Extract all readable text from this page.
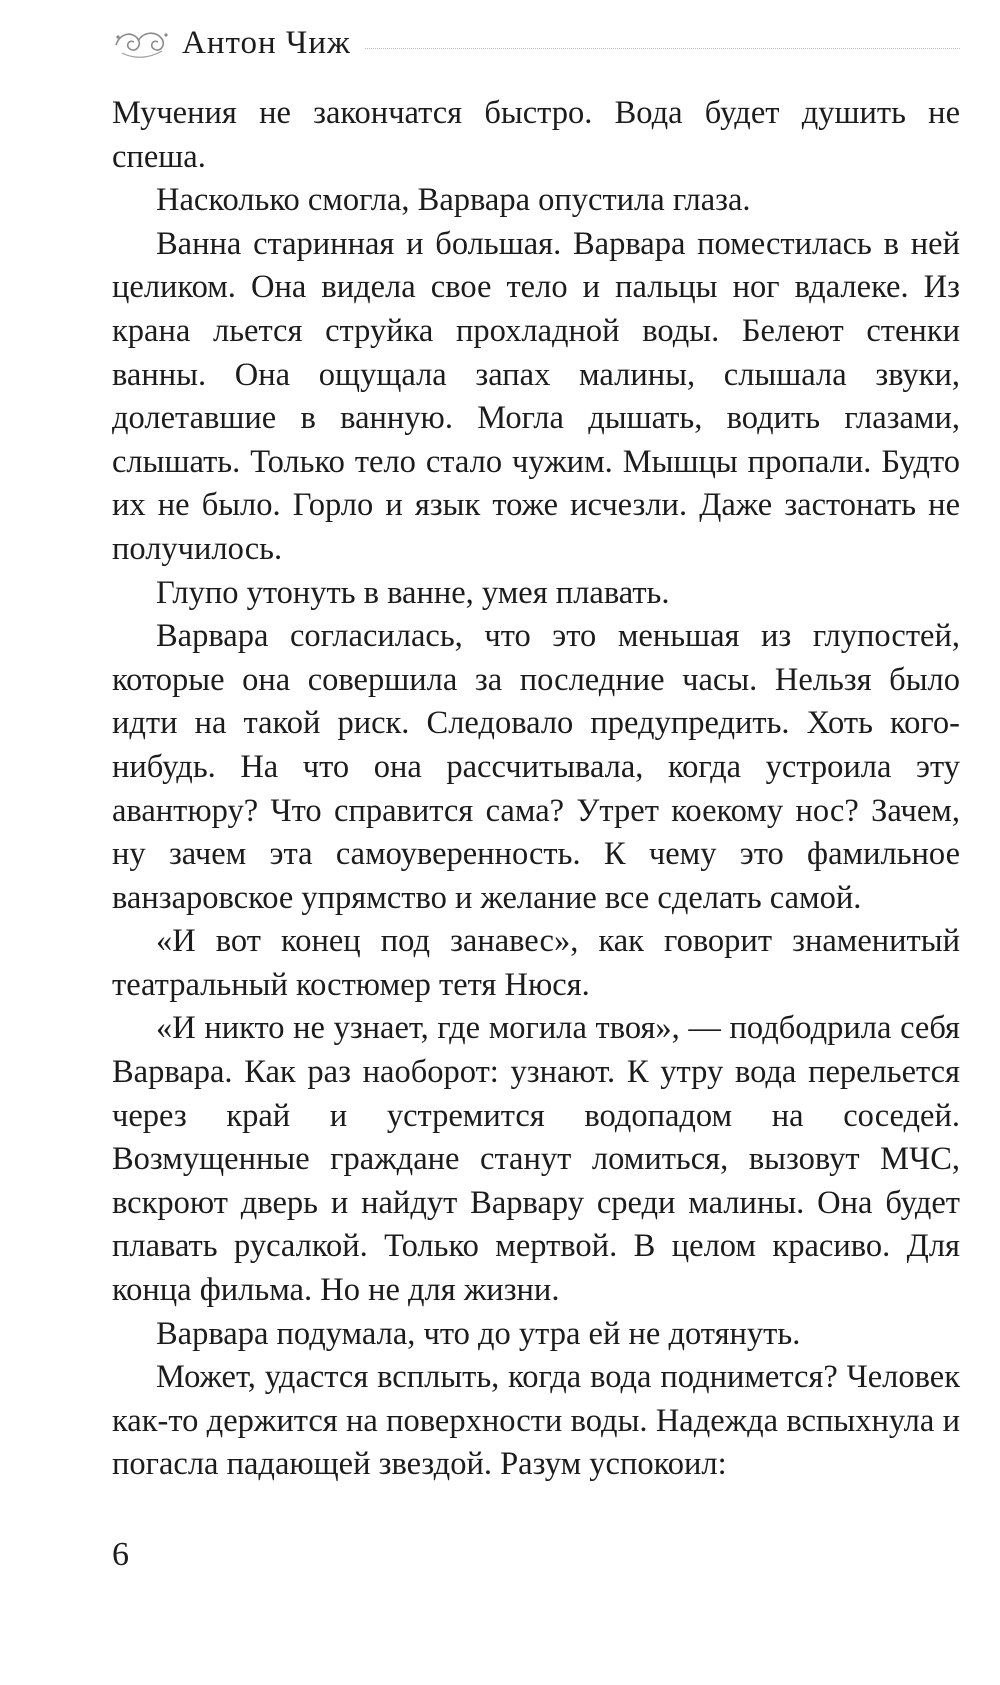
Антон Чиж

Мучения не закончатся быстро. Вода будет душить не спеша.

Насколько смогла, Варвара опустила глаза.

Ванна старинная и большая. Варвара поместилась в ней целиком. Она видела свое тело и пальцы ног вдалеке. Из крана льется струйка прохладной воды. Белеют стенки ванны. Она ощущала запах малины, слышала звуки, долетавшие в ванную. Могла дышать, водить глазами, слышать. Только тело стало чужим. Мышцы пропали. Будто их не было. Горло и язык тоже исчезли. Даже застонать не получилось.

Глупо утонуть в ванне, умея плавать.

Варвара согласилась, что это меньшая из глупостей, которые она совершила за последние часы. Нельзя было идти на такой риск. Следовало предупредить. Хоть кого-нибудь. На что она рассчитывала, когда устроила эту авантюру? Что справится сама? Утрет коекому нос? Зачем, ну зачем эта самоуверенность. К чему это фамильное ванзаровское упрямство и желание все сделать самой.

«И вот конец под занавес», как говорит знаменитый театральный костюмер тетя Нюся.

«И никто не узнает, где могила твоя», — подбодрила себя Варвара. Как раз наоборот: узнают. К утру вода перельется через край и устремится водопадом на соседей. Возмущенные граждане станут ломиться, вызовут МЧС, вскроют дверь и найдут Варвару среди малины. Она будет плавать русалкой. Только мертвой. В целом красиво. Для конца фильма. Но не для жизни.

Варвара подумала, что до утра ей не дотянуть.

Может, удастся всплыть, когда вода поднимется? Человек как-то держится на поверхности воды. Надежда вспыхнула и погасла падающей звездой. Разум успокоил:

6
